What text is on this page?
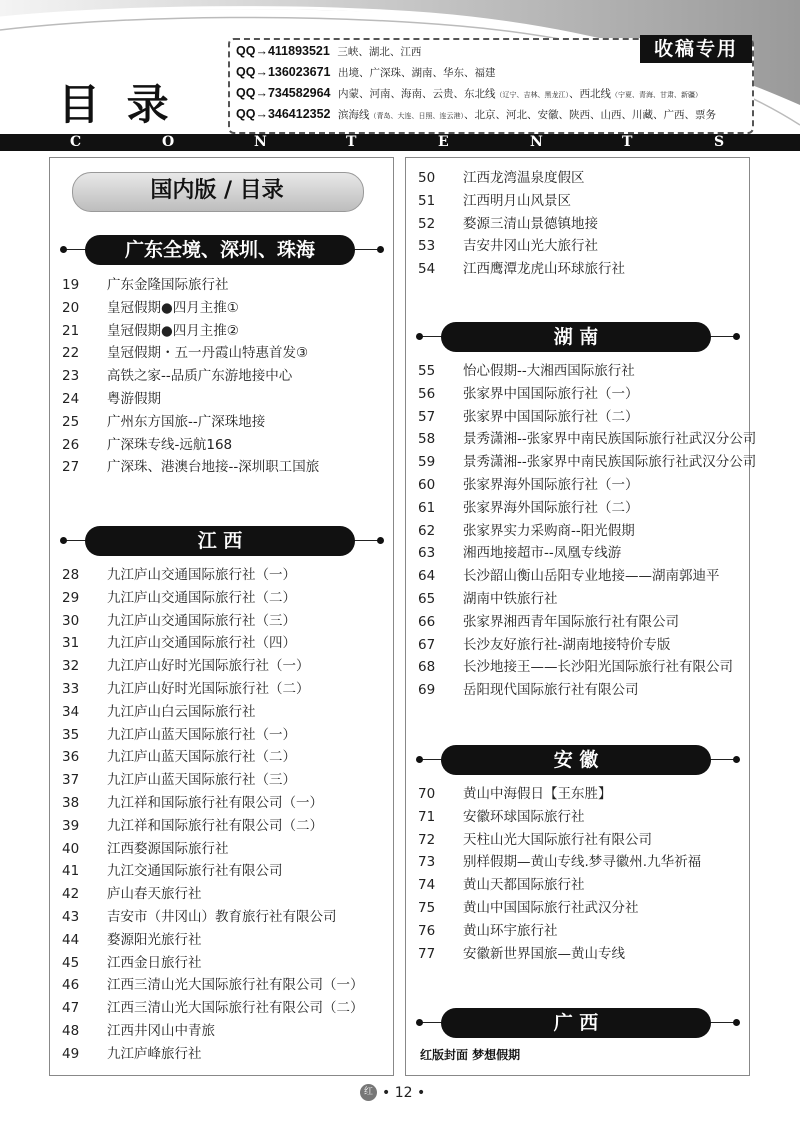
目 录
QQ→411893521 三峡、湖北、江西
QQ→136023671 出境、广深珠、湖南、华东、福建
QQ→734582964 内蒙、河南、海南、云贵、东北线（辽宁、吉林、黑龙江）、西北线（宁夏、青海、甘肃、新疆）
QQ→346412352 滨海线（青岛、大连、日照、连云港）、北京、河北、安徽、陕西、山西、川藏、广西、票务
收稿专用
C	O	N	T	E	N	T	S
国内版 / 目录
广东全境、深圳、珠海
19	广东金隆国际旅行社
20	皇冠假期●四月主推①
21	皇冠假期●四月主推②
22	皇冠假期・五一丹霞山特惠首发③
23	高铁之家--品质广东游地接中心
24	粤游假期
25	广州东方国旅--广深珠地接
26	广深珠专线-远航168
27	广深珠、港澳台地接--深圳职工国旅
江 西
28	九江庐山交通国际旅行社（一）
29	九江庐山交通国际旅行社（二）
30	九江庐山交通国际旅行社（三）
31	九江庐山交通国际旅行社（四）
32	九江庐山好时光国际旅行社（一）
33	九江庐山好时光国际旅行社（二）
34	九江庐山白云国际旅行社
35	九江庐山蓝天国际旅行社（一）
36	九江庐山蓝天国际旅行社（二）
37	九江庐山蓝天国际旅行社（三）
38	九江祥和国际旅行社有限公司（一）
39	九江祥和国际旅行社有限公司（二）
40	江西婺源国际旅行社
41	九江交通国际旅行社有限公司
42	庐山春天旅行社
43	吉安市（井冈山）教育旅行社有限公司
44	婺源阳光旅行社
45	江西金日旅行社
46	江西三清山光大国际旅行社有限公司（一）
47	江西三清山光大国际旅行社有限公司（二）
48	江西井冈山中青旅
49	九江庐峰旅行社
50	江西龙湾温泉度假区
51	江西明月山风景区
52	婺源三清山景德镇地接
53	吉安井冈山光大旅行社
54	江西鹰潭龙虎山环球旅行社
湖 南
55	怡心假期--大湘西国际旅行社
56	张家界中国国际旅行社（一）
57	张家界中国国际旅行社（二）
58	景秀潇湘--张家界中南民族国际旅行社武汉分公司
59	景秀潇湘--张家界中南民族国际旅行社武汉分公司
60	张家界海外国际旅行社（一）
61	张家界海外国际旅行社（二）
62	张家界实力采购商--阳光假期
63	湘西地接超市--凤凰专线游
64	长沙韶山衡山岳阳专业地接——湖南郭迪平
65	湖南中铁旅行社
66	张家界湘西青年国际旅行社有限公司
67	长沙友好旅行社-湖南地接特价专版
68	长沙地接王——长沙阳光国际旅行社有限公司
69	岳阳现代国际旅行社有限公司
安 徽
70	黄山中海假日【王东胜】
71	安徽环球国际旅行社
72	天柱山光大国际旅行社有限公司
73	别样假期—黄山专线.梦寻徽州.九华祈福
74	黄山天都国际旅行社
75	黄山中国国际旅行社武汉分社
76	黄山环宇旅行社
77	安徽新世界国旅—黄山专线
广 西
红版封面 梦想假期
红 • 12 •
